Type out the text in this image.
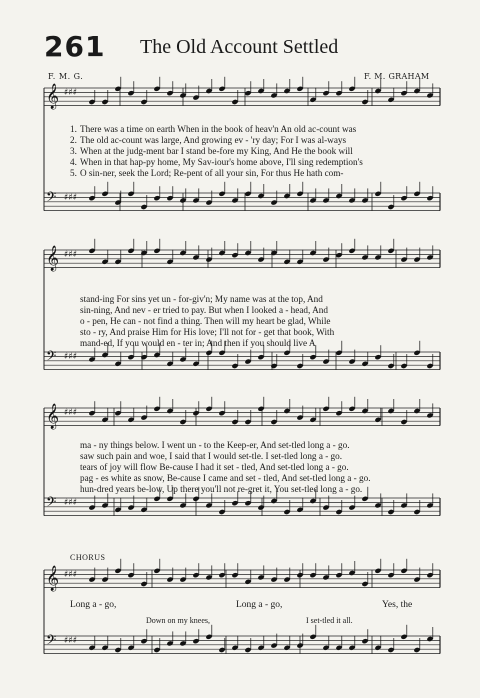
261 The Old Account Settled
F. M. G.	F. M. GRAHAM
𝄞 ♯♯♯
𝄢 ♯♯♯
𝄞 ♯♯♯
𝄢 ♯♯♯
𝄞 ♯♯♯
𝄢 ♯♯♯
𝄞 ♯♯♯
𝄢 ♯♯♯
1. There was a time on earth When in the book of heav'n An old ac-count was
2. The old ac-count was large, And growing ev - 'ry day; For I was al-ways
3. When at the judg-ment bar I stand be-fore my King, And He the book will
4. When in that hap-py home, My Sav-iour's home above, I'll sing redemption's
5. O sin-ner, seek the Lord; Re-pent of all your sin, For thus He hath com-
stand-ing For sins yet un - for-giv'n; My name was at the top, And
sin-ning, And nev - er tried to pay. But when I looked a - head, And
o - pen, He can - not find a thing. Then will my heart be glad, While
sto - ry, And praise Him for His love; I'll not for - get that book, With
mand-ed, If you would en - ter in; And then if you should live A
ma - ny things below. I went un - to the Keep-er, And set-tled long a - go.
saw such pain and woe, I said that I would set-tle. I set-tled long a - go.
tears of joy will flow Be-cause I had it set - tled, And set-tled long a - go.
pag - es white as snow, Be-cause I came and set - tled, And set-tled long a - go.
hun-dred years be-low, Up there you'll not re-gret it, You set-tled long a - go.
CHORUS
Long a - go,	Long a - go,	Yes, the
Down on my knees,	I set-tled it all.
